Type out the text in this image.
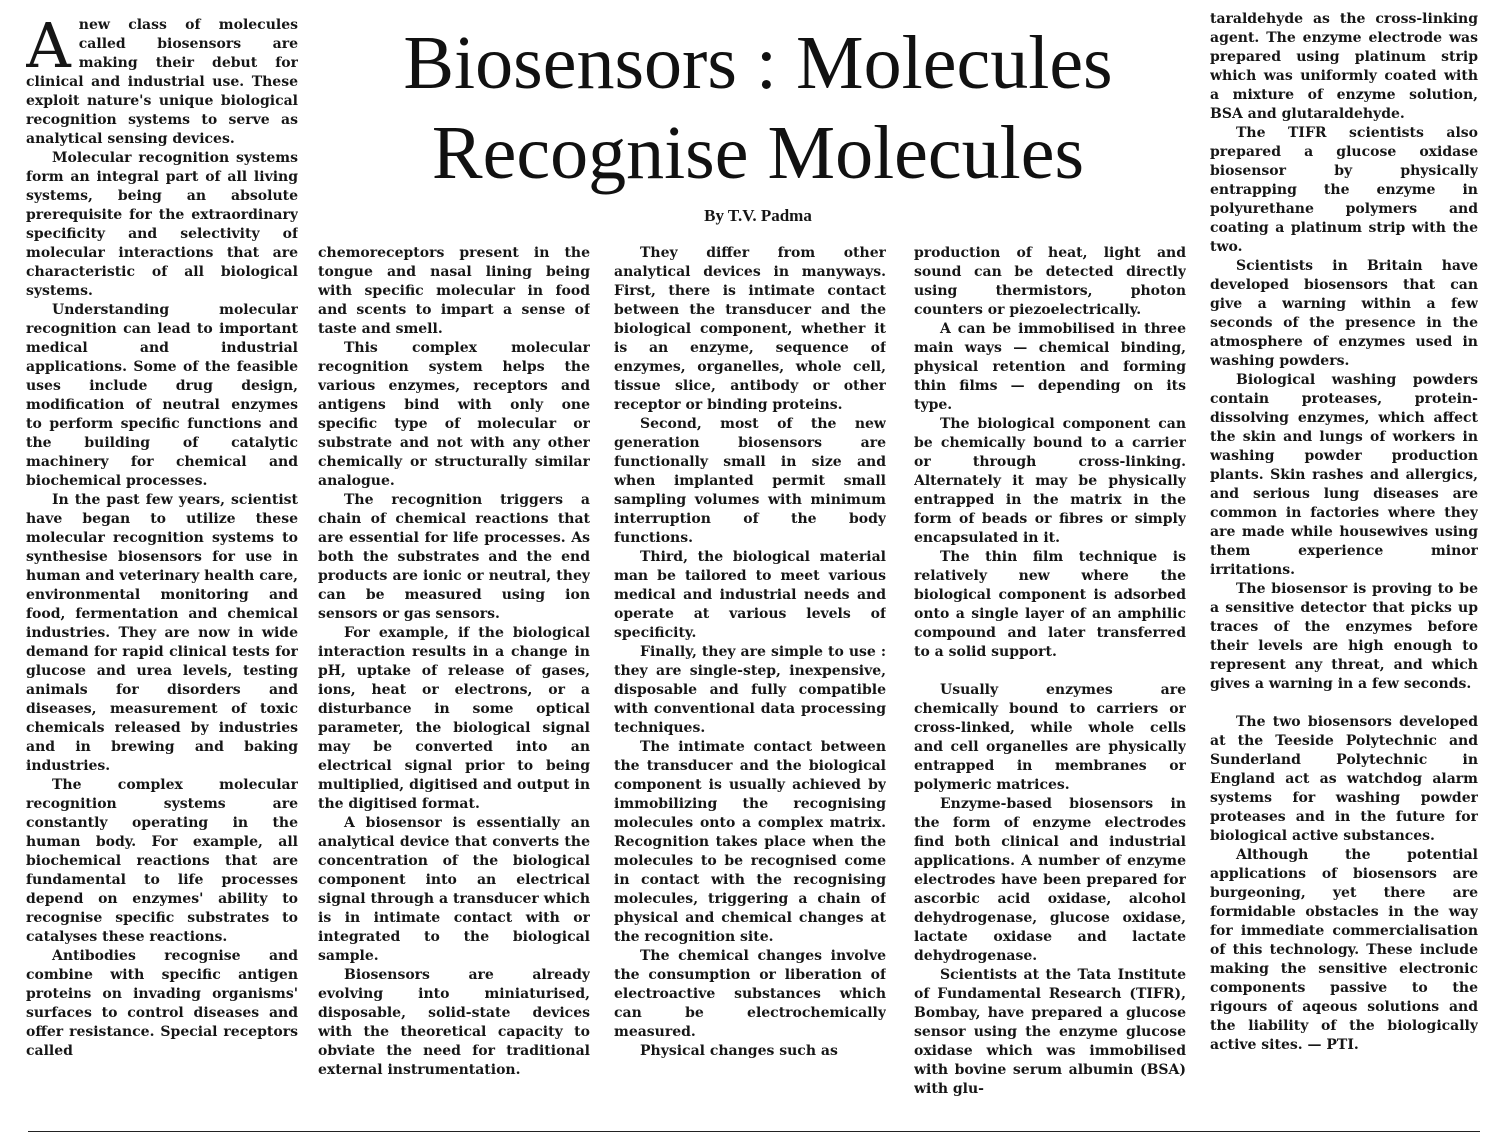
Biosensors : Molecules
Recognise Molecules

By T.V. Padma

Anew class of molecules called biosensors are making their debut for clinical and industrial use. These exploit nature's unique biological recognition systems to serve as analytical sensing devices.

Molecular recognition systems form an integral part of all living systems, being an absolute prerequisite for the extraordinary specificity and selectivity of molecular interactions that are characteristic of all biological systems.

Understanding molecular recognition can lead to important medical and industrial applications. Some of the feasible uses include drug design, modification of neutral enzymes to perform specific functions and the building of catalytic machinery for chemical and biochemical processes.

In the past few years, scientist have began to utilize these molecular recognition systems to synthesise biosensors for use in human and veterinary health care, environmental monitoring and food, fermentation and chemical industries. They are now in wide demand for rapid clinical tests for glucose and urea levels, testing animals for disorders and diseases, measurement of toxic chemicals released by industries and in brewing and baking industries.

The complex molecular recognition systems are constantly operating in the human body. For example, all biochemical reactions that are fundamental to life processes depend on enzymes' ability to recognise specific substrates to catalyses these reactions.

Antibodies recognise and combine with specific antigen proteins on invading organisms' surfaces to control diseases and offer resistance. Special receptors called

chemoreceptors present in the tongue and nasal lining being with specific molecular in food and scents to impart a sense of taste and smell.

This complex molecular recognition system helps the various enzymes, receptors and antigens bind with only one specific type of molecular or substrate and not with any other chemically or structurally similar analogue.

The recognition triggers a chain of chemical reactions that are essential for life processes. As both the substrates and the end products are ionic or neutral, they can be measured using ion sensors or gas sensors.

For example, if the biological interaction results in a change in pH, uptake of release of gases, ions, heat or electrons, or a disturbance in some optical parameter, the biological signal may be converted into an electrical signal prior to being multiplied, digitised and output in the digitised format.

A biosensor is essentially an analytical device that converts the concentration of the biological component into an electrical signal through a transducer which is in intimate contact with or integrated to the biological sample.

Biosensors are already evolving into miniaturised, disposable, solid-state devices with the theoretical capacity to obviate the need for traditional external instrumentation.

They differ from other analytical devices in manyways. First, there is intimate contact between the transducer and the biological component, whether it is an enzyme, sequence of enzymes, organelles, whole cell, tissue slice, antibody or other receptor or binding proteins.

Second, most of the new generation biosensors are functionally small in size and when implanted permit small sampling volumes with minimum interruption of the body functions.

Third, the biological material man be tailored to meet various medical and industrial needs and operate at various levels of specificity.

Finally, they are simple to use : they are single-step, inexpensive, disposable and fully compatible with conventional data processing techniques.

The intimate contact between the transducer and the biological component is usually achieved by immobilizing the recognising molecules onto a complex matrix. Recognition takes place when the molecules to be recognised come in contact with the recognising molecules, triggering a chain of physical and chemical changes at the recognition site.

The chemical changes involve the consumption or liberation of electroactive substances which can be electrochemically measured.

Physical changes such as

production of heat, light and sound can be detected directly using thermistors, photon counters or piezoelectrically.

A can be immobilised in three main ways — chemical binding, physical retention and forming thin films — depending on its type.

The biological component can be chemically bound to a carrier or through cross-linking. Alternately it may be physically entrapped in the matrix in the form of beads or fibres or simply encapsulated in it.

The thin film technique is relatively new where the biological component is adsorbed onto a single layer of an amphilic compound and later transferred to a solid support.

Usually enzymes are chemically bound to carriers or cross-linked, while whole cells and cell organelles are physically entrapped in membranes or polymeric matrices.

Enzyme-based biosensors in the form of enzyme electrodes find both clinical and industrial applications. A number of enzyme electrodes have been prepared for ascorbic acid oxidase, alcohol dehydrogenase, glucose oxidase, lactate oxidase and lactate dehydrogenase.

Scientists at the Tata Institute of Fundamental Research (TIFR), Bombay, have prepared a glucose sensor using the enzyme glucose oxidase which was immobilised with bovine serum albumin (BSA) with glu-

taraldehyde as the cross-linking agent. The enzyme electrode was prepared using platinum strip which was uniformly coated with a mixture of enzyme solution, BSA and glutaraldehyde.

The TIFR scientists also prepared a glucose oxidase biosensor by physically entrapping the enzyme in polyurethane polymers and coating a platinum strip with the two.

Scientists in Britain have developed biosensors that can give a warning within a few seconds of the presence in the atmosphere of enzymes used in washing powders.

Biological washing powders contain proteases, protein-dissolving enzymes, which affect the skin and lungs of workers in washing powder production plants. Skin rashes and allergics, and serious lung diseases are common in factories where they are made while housewives using them experience minor irritations.

The biosensor is proving to be a sensitive detector that picks up traces of the enzymes before their levels are high enough to represent any threat, and which gives a warning in a few seconds.

The two biosensors developed at the Teeside Polytechnic and Sunderland Polytechnic in England act as watchdog alarm systems for washing powder proteases and in the future for biological active substances.

Although the potential applications of biosensors are burgeoning, yet there are formidable obstacles in the way for immediate commercialisation of this technology. These include making the sensitive electronic components passive to the rigours of aqeous solutions and the liability of the biologically active sites. — PTI.
